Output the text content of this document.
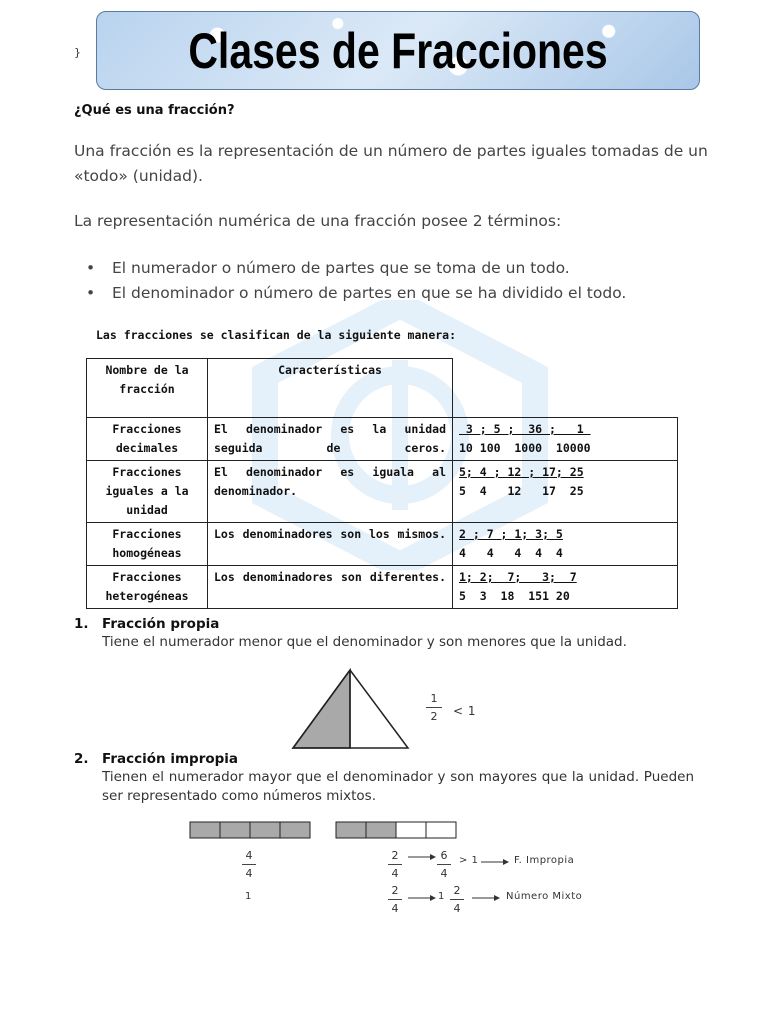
}	Clases de Fracciones
¿Qué es una fracción?
Una fracción es la representación de un número de partes iguales tomadas de un «todo» (unidad).
La representación numérica de una fracción posee 2 términos:
• El numerador o número de partes que se toma de un todo.
• El denominador o número de partes en que se ha dividido el todo.
Las fracciones se clasifican de la siguiente manera:
Nombre de la fracción	Características	
Fracciones decimales	El denominador es la unidad seguida de ceros.	3 ; 5 ;  36 ;   1
10 100  1000  10000

Fracciones iguales a la unidad	El denominador es iguala al denominador.	5; 4 ; 12 ; 17; 25
5  4   12   17  25

Fracciones homogéneas	Los denominadores son los mismos.	2 ; 7 ; 1; 3; 5
4   4   4  4  4

Fracciones heterogéneas	Los denominadores son diferentes.	1; 2;  7;   3;  7
5  3  18  151 20
1. Fracción propia
Tiene el numerador menor que el denominador y son menores que la unidad.
1
2	< 1
2. Fracción impropia
Tienen el numerador mayor que el denominador y son mayores que la unidad. Pueden ser representado como números mixtos.
4
4
2
4
6
4
> 1	F. Impropia
1	2
4
1 2
4
Número Mixto
